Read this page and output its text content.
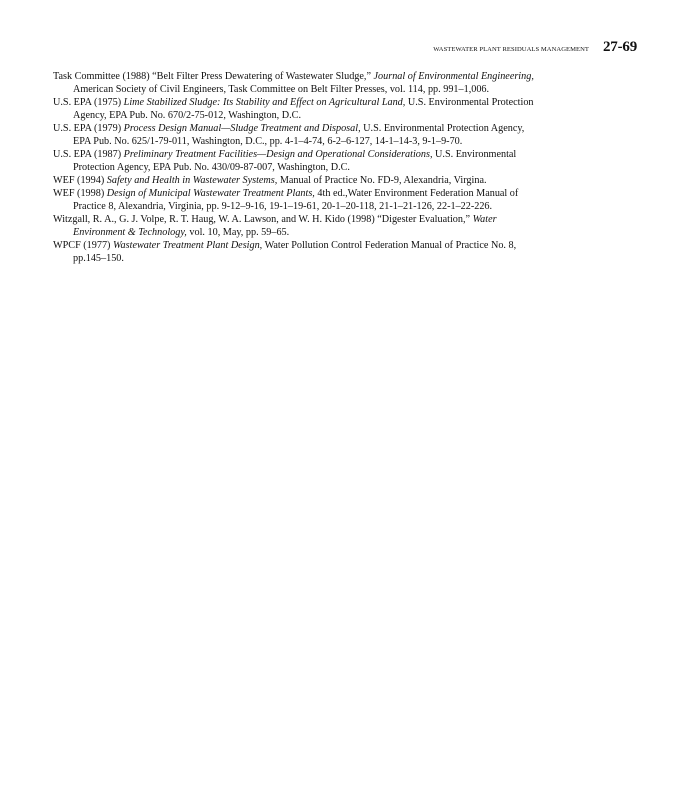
WASTEWATER PLANT RESIDUALS MANAGEMENT 27-69

Task Committee (1988) “Belt Filter Press Dewatering of Wastewater Sludge,” Journal of Environmental Engineering, American Society of Civil Engineers, Task Committee on Belt Filter Presses, vol. 114, pp. 991–1,006.

U.S. EPA (1975) Lime Stabilized Sludge: Its Stability and Effect on Agricultural Land, U.S. Environmental Protection Agency, EPA Pub. No. 670/2-75-012, Washington, D.C.

U.S. EPA (1979) Process Design Manual—Sludge Treatment and Disposal, U.S. Environmental Protection Agency, EPA Pub. No. 625/1-79-011, Washington, D.C., pp. 4-1–4-74, 6-2–6-127, 14-1–14-3, 9-1–9-70.

U.S. EPA (1987) Preliminary Treatment Facilities—Design and Operational Considerations, U.S. Environmental Protection Agency, EPA Pub. No. 430/09-87-007, Washington, D.C.

WEF (1994) Safety and Health in Wastewater Systems, Manual of Practice No. FD-9, Alexandria, Virgina.

WEF (1998) Design of Municipal Wastewater Treatment Plants, 4th ed.,Water Environment Federation Manual of Practice 8, Alexandria, Virginia, pp. 9-12–9-16, 19-1–19-61, 20-1–20-118, 21-1–21-126, 22-1–22-226.

Witzgall, R. A., G. J. Volpe, R. T. Haug, W. A. Lawson, and W. H. Kido (1998) “Digester Evaluation,” Water Environment & Technology, vol. 10, May, pp. 59–65.

WPCF (1977) Wastewater Treatment Plant Design, Water Pollution Control Federation Manual of Practice No. 8, pp.145–150.
